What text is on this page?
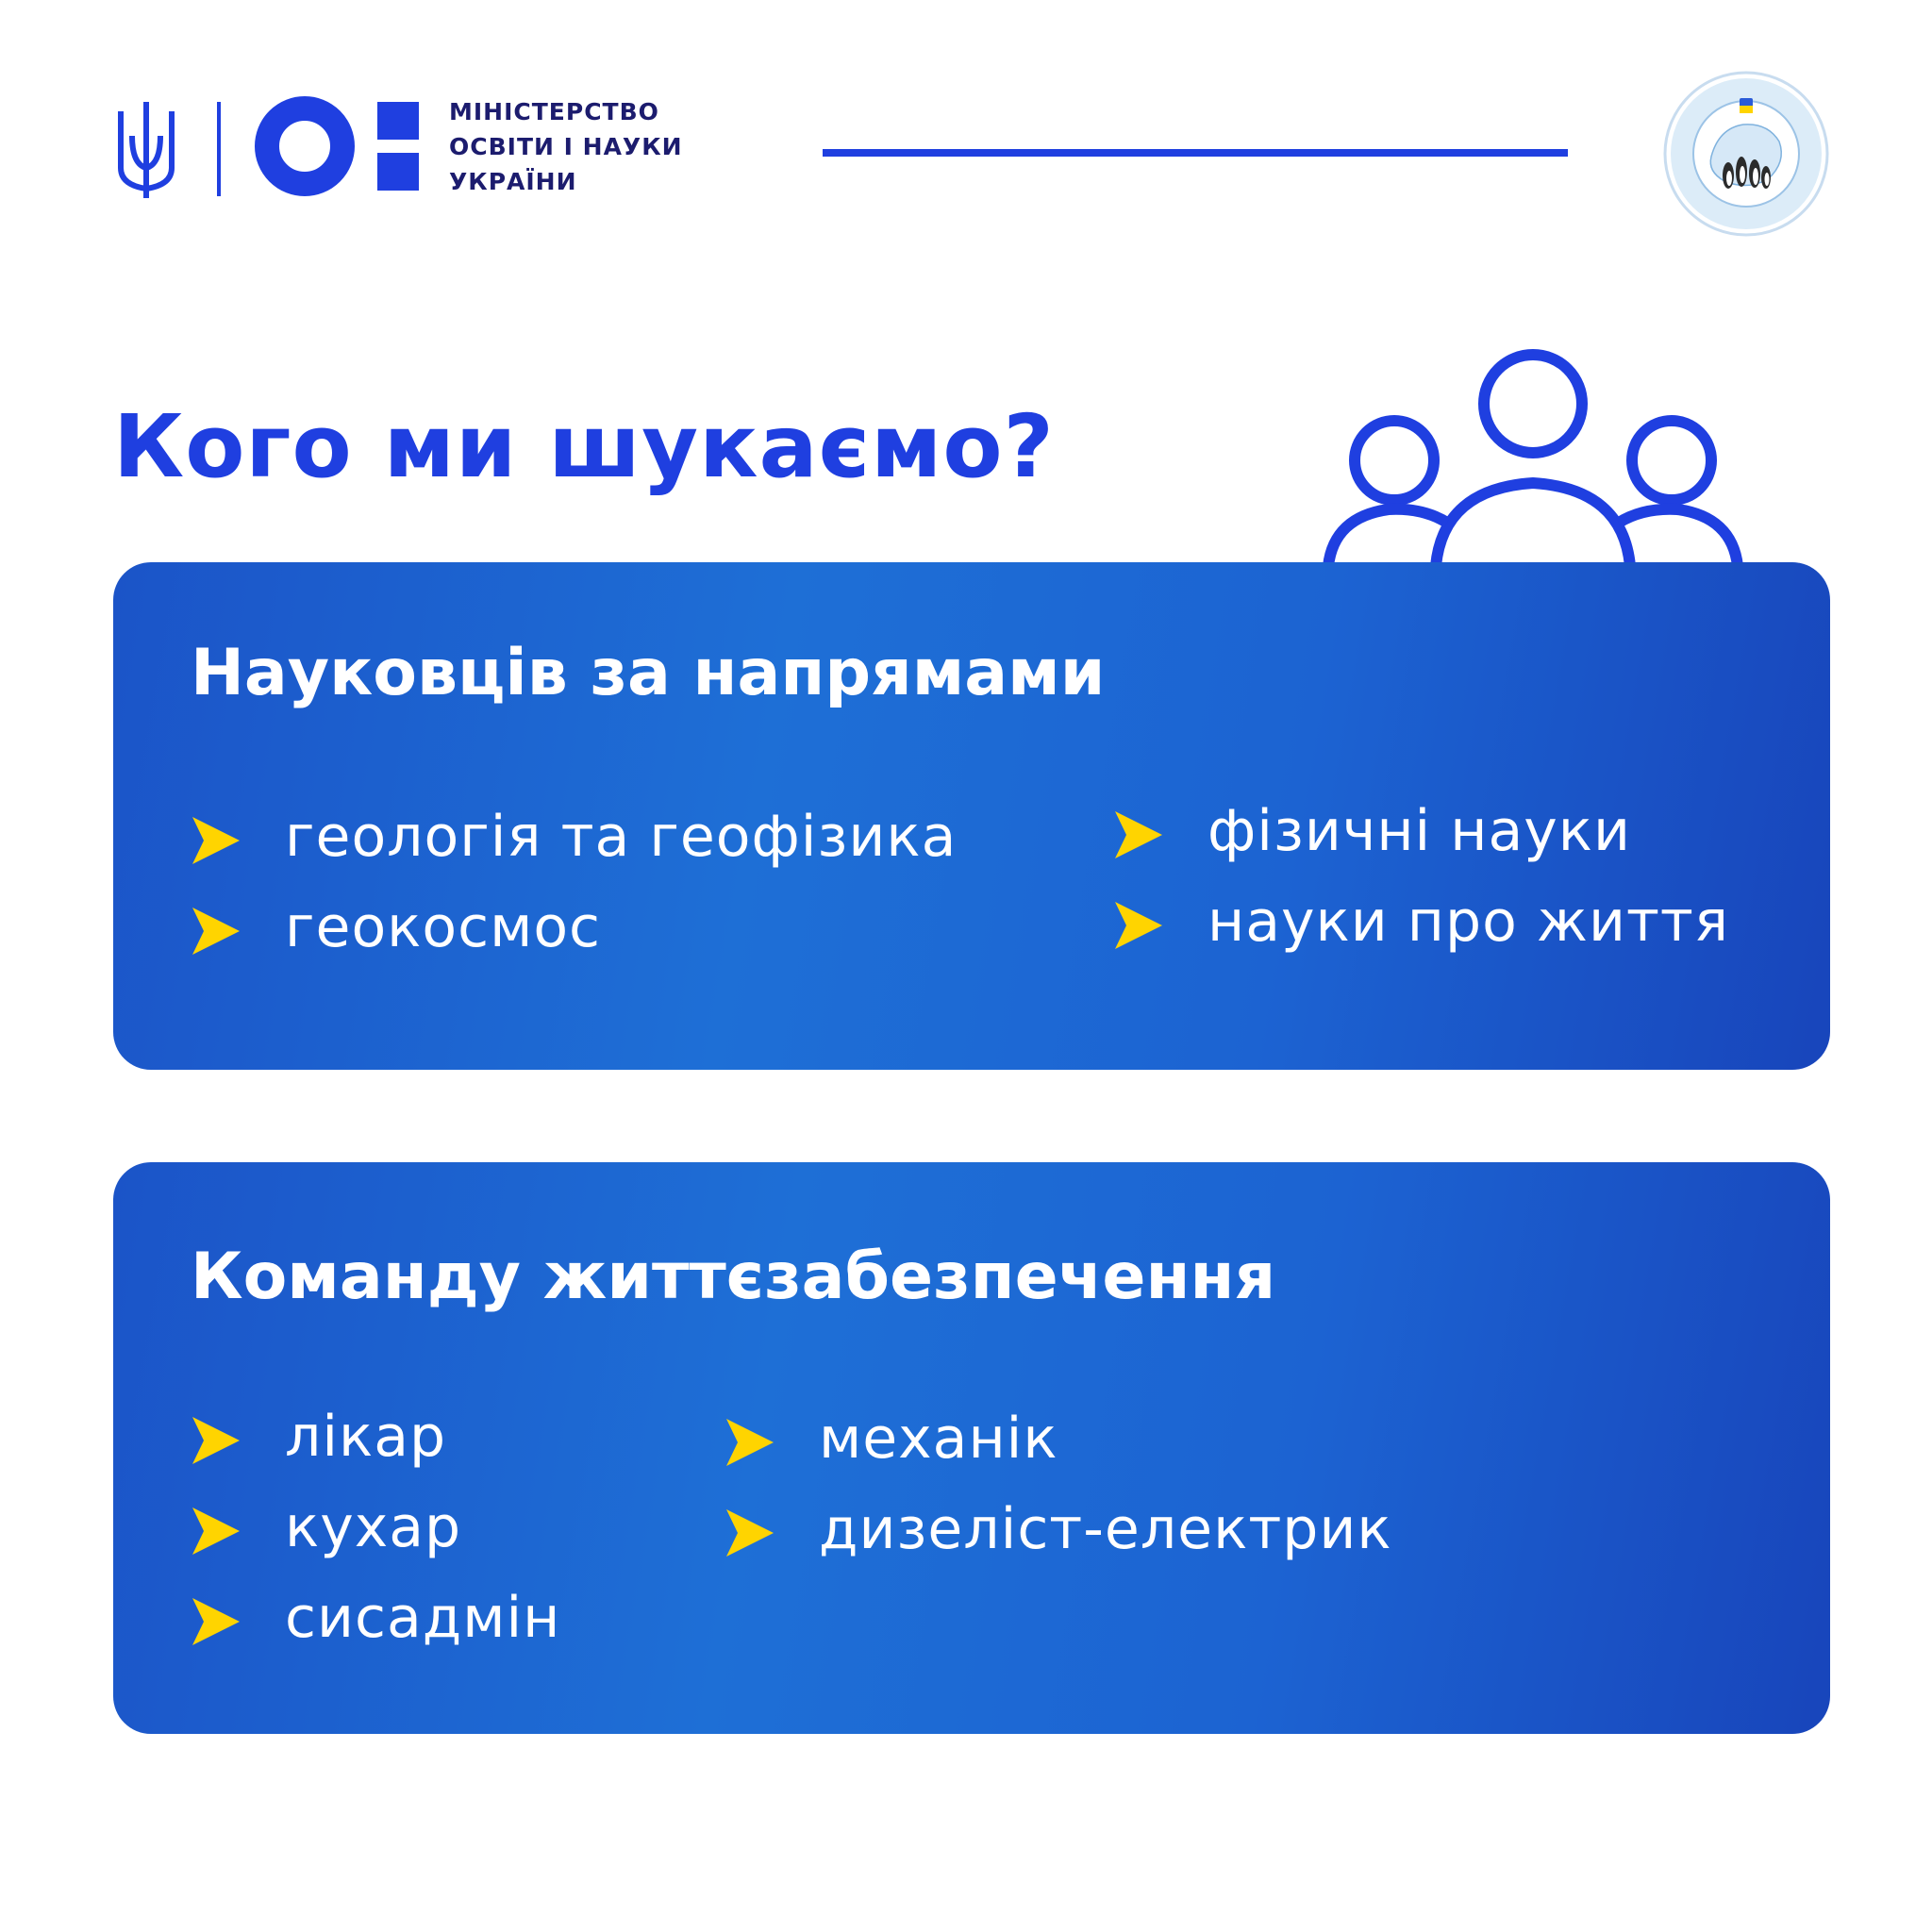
МІНІСТЕРСТВО
ОСВІТИ І НАУКИ
УКРАЇНИ
Кого ми шукаємо?
Науковців за напрямами
геологія та геофізика
геокосмос
фізичні науки
науки про життя
Команду життєзабезпечення
лікар
кухар
сисадмін
механік
дизеліст-електрик
